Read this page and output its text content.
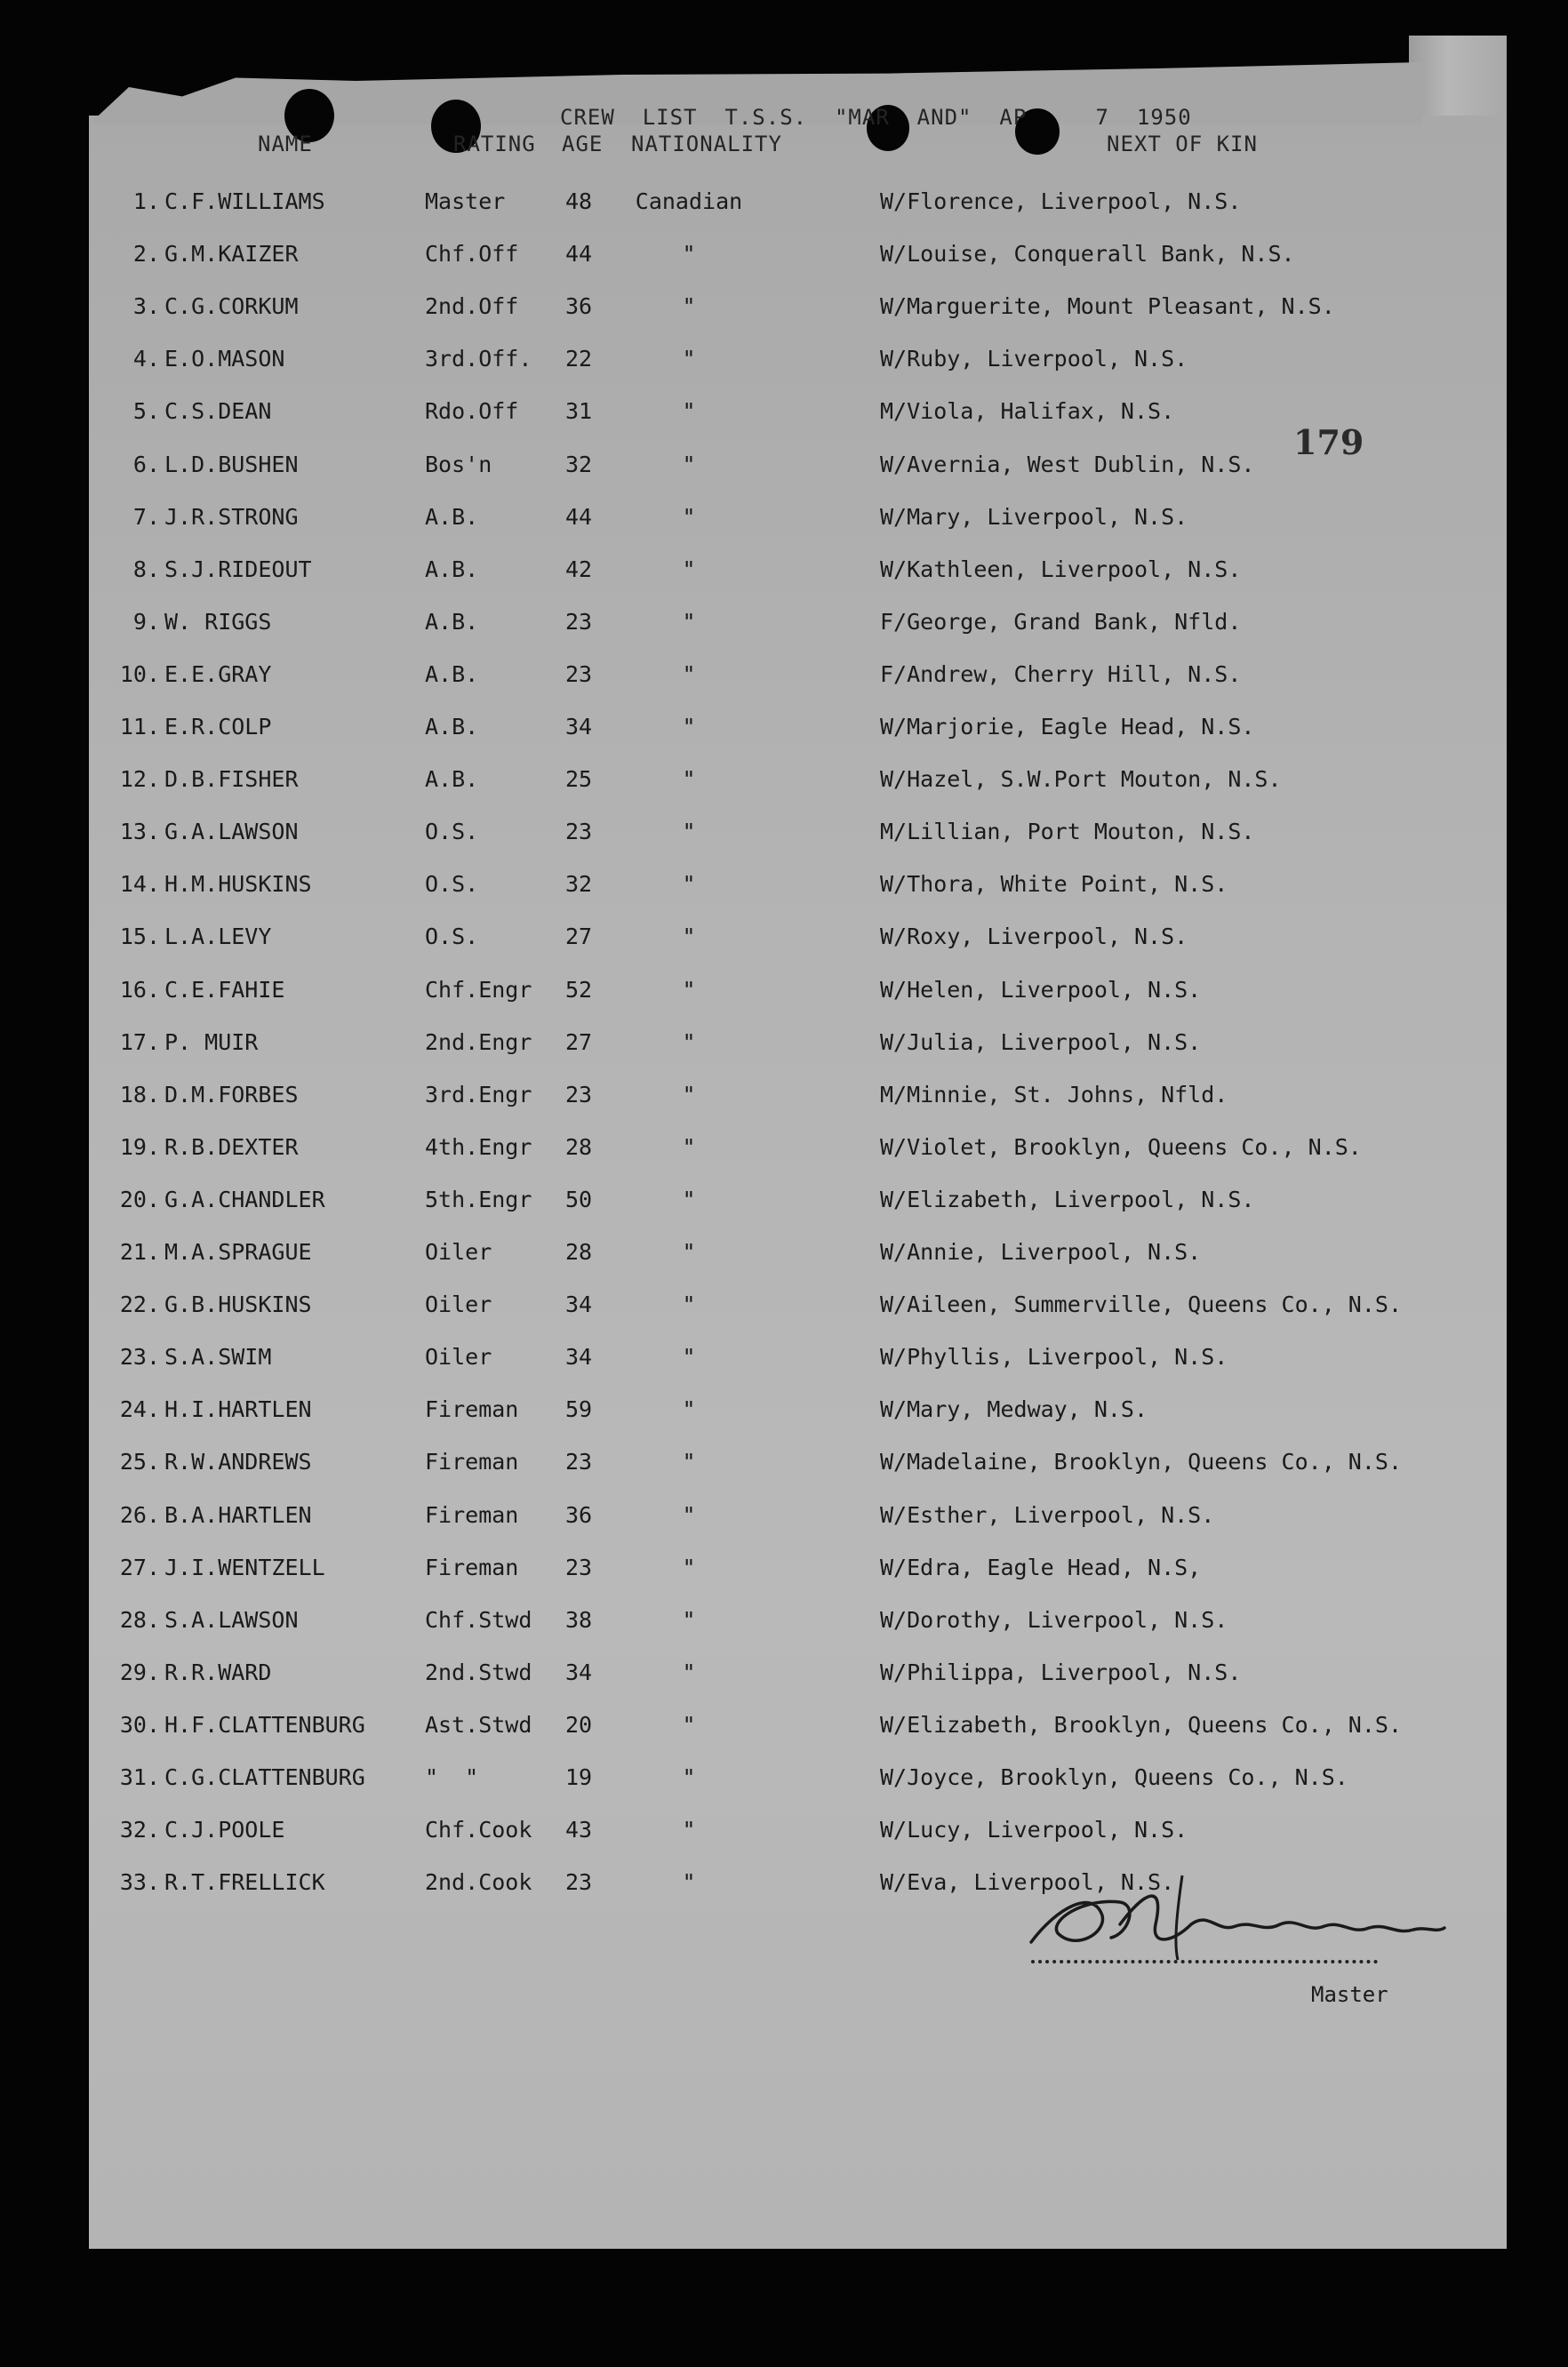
CREW  LIST  T.S.S.  "MAR  AND"  AP     7  1950
NAME	RATING AGE NATIONALITY	NEXT OF KIN
179
1. C.F.WILLIAMS	Master	48	Canadian	W/Florence, Liverpool, N.S.
2. G.M.KAIZER	Chf.Off 44	"	W/Louise, Conquerall Bank, N.S.
3. C.G.CORKUM	2nd.Off 36	"	W/Marguerite, Mount Pleasant, N.S.
4. E.O.MASON	3rd.Off. 22	"	W/Ruby, Liverpool, N.S.
5. C.S.DEAN	Rdo.Off 31	"	M/Viola, Halifax, N.S.
6. L.D.BUSHEN	Bos'n	32	"	W/Avernia, West Dublin, N.S.
7. J.R.STRONG	A.B.	44	"	W/Mary, Liverpool, N.S.
8. S.J.RIDEOUT	A.B.	42	"	W/Kathleen, Liverpool, N.S.
9. W. RIGGS	A.B.	23	"	F/George, Grand Bank, Nfld.
10. E.E.GRAY	A.B.	23	"	F/Andrew, Cherry Hill, N.S.
11. E.R.COLP	A.B.	34	"	W/Marjorie, Eagle Head, N.S.
12. D.B.FISHER	A.B.	25	"	W/Hazel, S.W.Port Mouton, N.S.
13. G.A.LAWSON	O.S.	23	"	M/Lillian, Port Mouton, N.S.
14. H.M.HUSKINS	O.S.	32	"	W/Thora, White Point, N.S.
15. L.A.LEVY	O.S.	27	"	W/Roxy, Liverpool, N.S.
16. C.E.FAHIE	Chf.Engr 52	"	W/Helen, Liverpool, N.S.
17. P. MUIR	2nd.Engr 27	"	W/Julia, Liverpool, N.S.
18. D.M.FORBES	3rd.Engr 23	"	M/Minnie, St. Johns, Nfld.
19. R.B.DEXTER	4th.Engr 28	"	W/Violet, Brooklyn, Queens Co., N.S.
20. G.A.CHANDLER	5th.Engr 50	"	W/Elizabeth, Liverpool, N.S.
21. M.A.SPRAGUE	Oiler	28	"	W/Annie, Liverpool, N.S.
22. G.B.HUSKINS	Oiler	34	"	W/Aileen, Summerville, Queens Co., N.S.
23. S.A.SWIM	Oiler	34	"	W/Phyllis, Liverpool, N.S.
24. H.I.HARTLEN	Fireman 59	"	W/Mary, Medway, N.S.
25. R.W.ANDREWS	Fireman 23	"	W/Madelaine, Brooklyn, Queens Co., N.S.
26. B.A.HARTLEN	Fireman 36	"	W/Esther, Liverpool, N.S.
27. J.I.WENTZELL	Fireman 23	"	W/Edra, Eagle Head, N.S,
28. S.A.LAWSON	Chf.Stwd 38	"	W/Dorothy, Liverpool, N.S.
29. R.R.WARD	2nd.Stwd 34	"	W/Philippa, Liverpool, N.S.
30. H.F.CLATTENBURG	Ast.Stwd 20	"	W/Elizabeth, Brooklyn, Queens Co., N.S.
31. C.G.CLATTENBURG	"  "	19	"	W/Joyce, Brooklyn, Queens Co., N.S.
32. C.J.POOLE	Chf.Cook 43	"	W/Lucy, Liverpool, N.S.
33. R.T.FRELLICK	2nd.Cook 23	"	W/Eva, Liverpool, N.S.
Master
